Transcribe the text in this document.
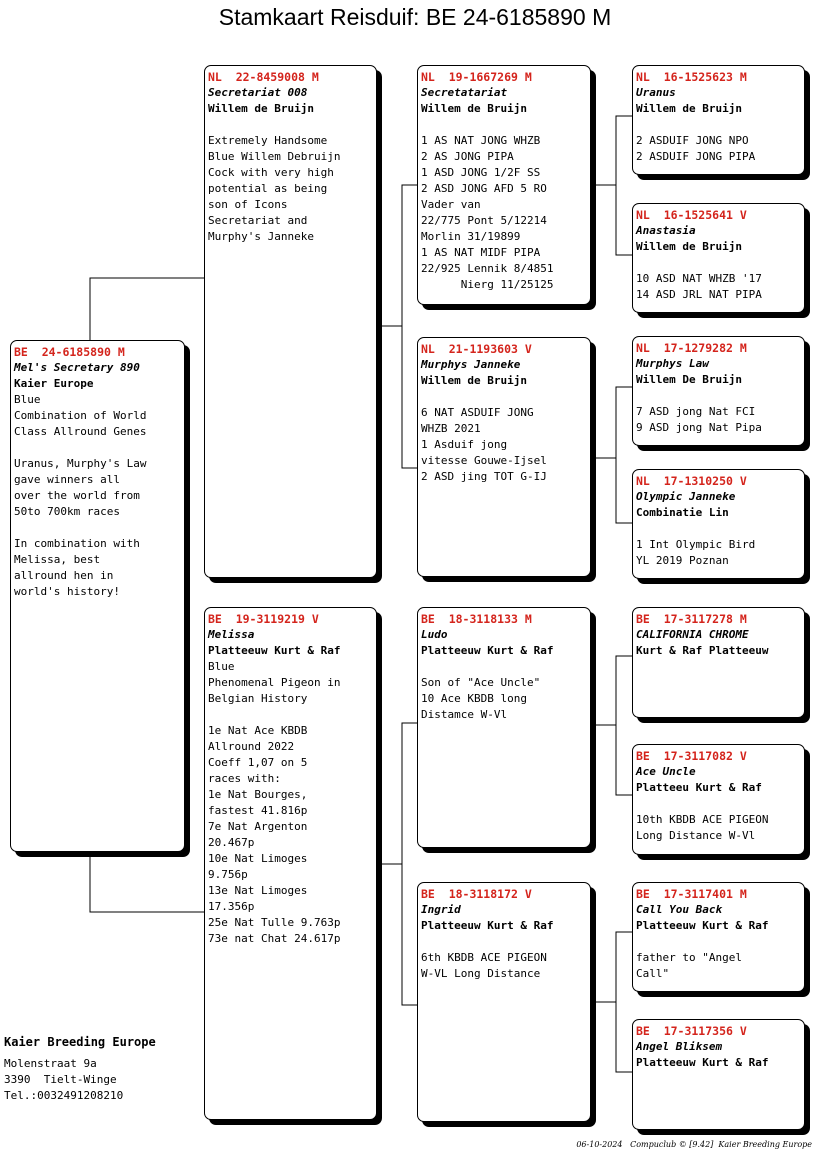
Stamkaart Reisduif: BE 24-6185890 M
BE  24-6185890 M
Mel's Secretary 890
Kaier Europe
Blue
Combination of World
Class Allround Genes

Uranus, Murphy's Law
gave winners all
over the world from
50to 700km races

In combination with
Melissa, best
allround hen in
world's history!
NL  22-8459008 M
Secretariat 008
Willem de Bruijn

Extremely Handsome
Blue Willem Debruijn
Cock with very high
potential as being
son of Icons
Secretariat and
Murphy's Janneke
BE  19-3119219 V
Melissa
Platteeuw Kurt & Raf
Blue
Phenomenal Pigeon in
Belgian History

1e Nat Ace KBDB
Allround 2022
Coeff 1,07 on 5
races with:
1e Nat Bourges,
fastest 41.816p
7e Nat Argenton
20.467p
10e Nat Limoges
9.756p
13e Nat Limoges
17.356p
25e Nat Tulle 9.763p
73e nat Chat 24.617p
NL  19-1667269 M
Secretatariat
Willem de Bruijn

1 AS NAT JONG WHZB
2 AS JONG PIPA
1 ASD JONG 1/2F SS
2 ASD JONG AFD 5 RO
Vader van
22/775 Pont 5/12214
Morlin 31/19899
1 AS NAT MIDF PIPA
22/925 Lennik 8/4851
Nierg 11/25125
NL  21-1193603 V
Murphys Janneke
Willem de Bruijn

6 NAT ASDUIF JONG
WHZB 2021
1 Asduif jong
vitesse Gouwe-Ijsel
2 ASD jing TOT G-IJ
BE  18-3118133 M
Ludo
Platteeuw Kurt & Raf

Son of "Ace Uncle"
10 Ace KBDB long
Distamce W-Vl
BE  18-3118172 V
Ingrid
Platteeuw Kurt & Raf

6th KBDB ACE PIGEON
W-VL Long Distance
NL  16-1525623 M
Uranus
Willem de Bruijn

2 ASDUIF JONG NPO
2 ASDUIF JONG PIPA
NL  16-1525641 V
Anastasia
Willem de Bruijn

10 ASD NAT WHZB '17
14 ASD JRL NAT PIPA
NL  17-1279282 M
Murphys Law
Willem De Bruijn

7 ASD jong Nat FCI
9 ASD jong Nat Pipa
NL  17-1310250 V
Olympic Janneke
Combinatie Lin

1 Int Olympic Bird
YL 2019 Poznan
BE  17-3117278 M
CALIFORNIA CHROME
Kurt & Raf Platteeuw
BE  17-3117082 V
Ace Uncle
Platteeu Kurt & Raf

10th KBDB ACE PIGEON
Long Distance W-Vl
BE  17-3117401 M
Call You Back
Platteeuw Kurt & Raf

father to "Angel
Call"
BE  17-3117356 V
Angel Bliksem
Platteeuw Kurt & Raf
Kaier Breeding Europe
Molenstraat 9a
3390  Tielt-Winge
Tel.:0032491208210
06-10-2024   Compuclub © [9.42]  Kaier Breeding Europe
